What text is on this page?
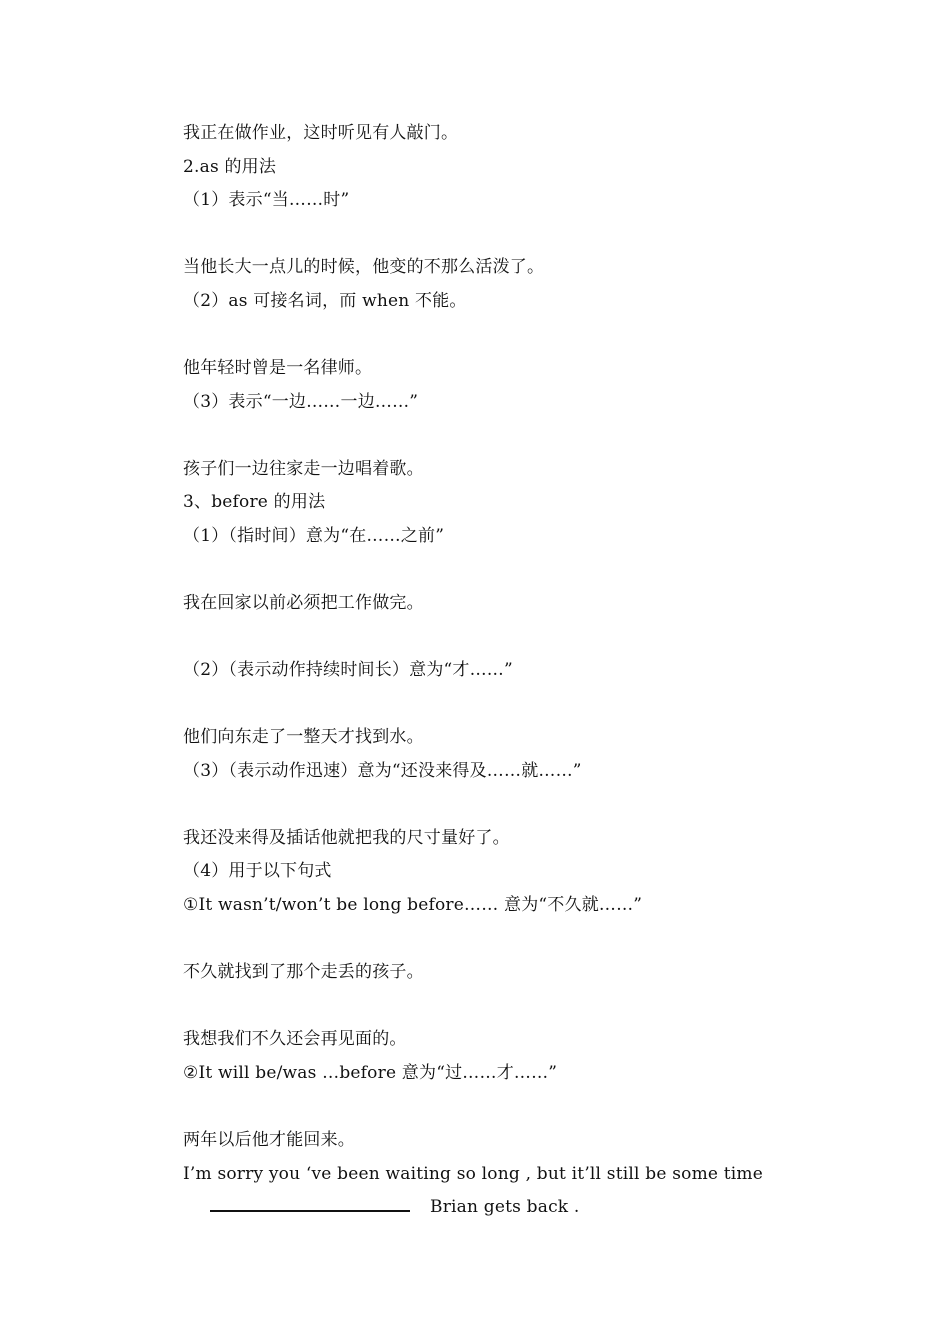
我正在做作业，这时听见有人敲门。
2.as 的用法
（1）表示“当……时”
当他长大一点儿的时候，他变的不那么活泼了。
（2）as 可接名词，而 when 不能。
他年轻时曾是一名律师。
（3）表示“一边……一边……”
孩子们一边往家走一边唱着歌。
3、before 的用法
（1）（指时间）意为“在……之前”
我在回家以前必须把工作做完。
（2）（表示动作持续时间长）意为“才……”
他们向东走了一整天才找到水。
（3）（表示动作迅速）意为“还没来得及……就……”
我还没来得及插话他就把我的尺寸量好了。
（4）用于以下句式
①It wasn’t/won’t be long before…… 意为“不久就……”
不久就找到了那个走丢的孩子。
我想我们不久还会再见面的。
②It will be/was …before 意为“过……才……”
两年以后他才能回来。
I’m sorry you ‘ve been waiting so long , but it’ll still be some time
Brian gets back .
